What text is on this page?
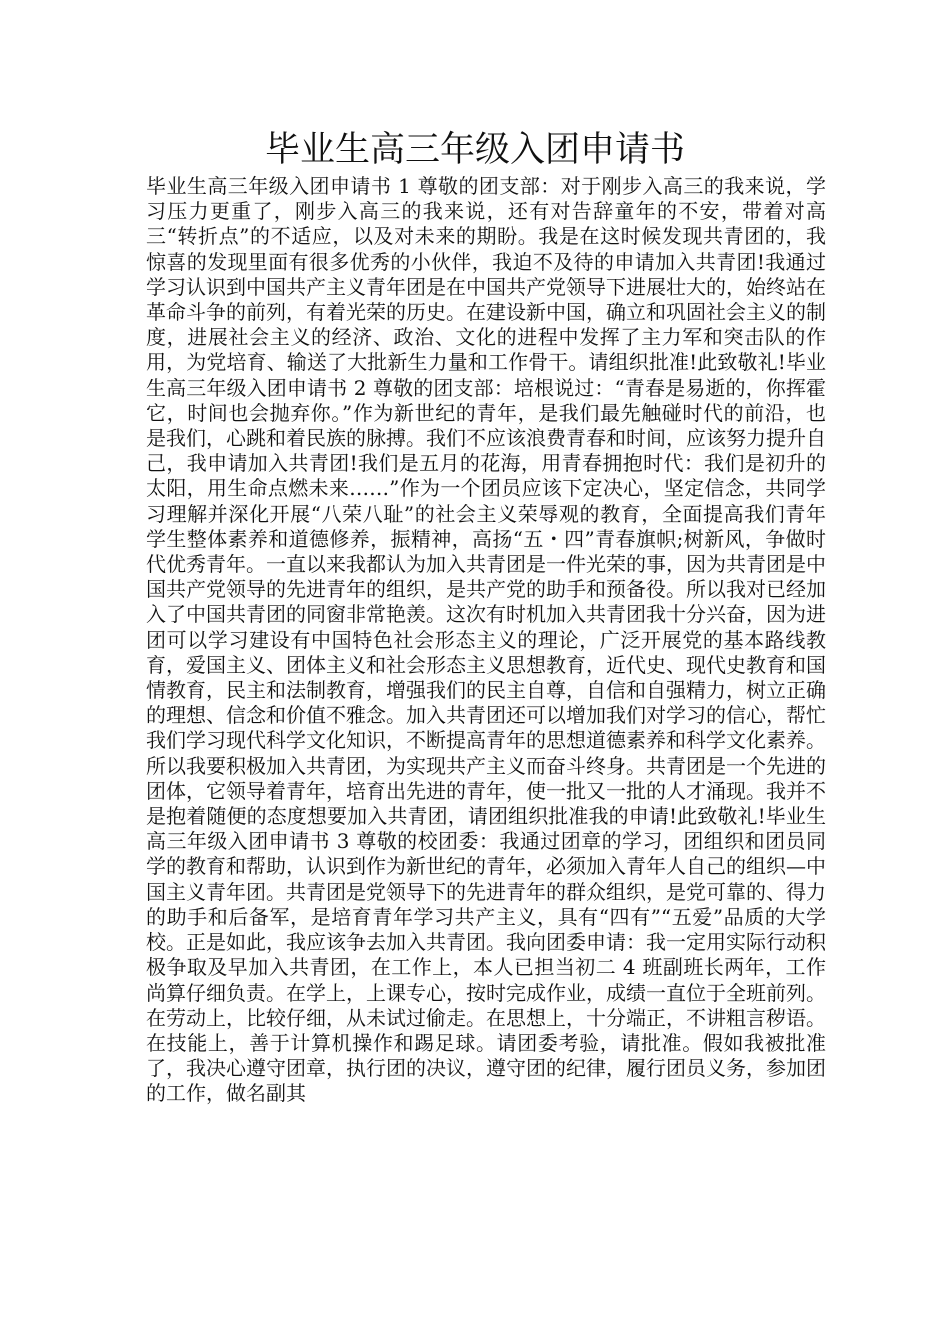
毕业生高三年级入团申请书

毕业生高三年级入团申请书 1 尊敬的团支部：对于刚步入高三的我来说，学习压力更重了，刚步入高三的我来说，还有对告辞童年的不安，带着对高三“转折点”的不适应，以及对未来的期盼。我是在这时候发现共青团的，我惊喜的发现里面有很多优秀的小伙伴，我迫不及待的申请加入共青团!我通过学习认识到中国共产主义青年团是在中国共产党领导下进展壮大的，始终站在革命斗争的前列，有着光荣的历史。在建设新中国，确立和巩固社会主义的制度，进展社会主义的经济、政治、文化的进程中发挥了主力军和突击队的作用，为党培育、输送了大批新生力量和工作骨干。请组织批准!此致敬礼!毕业生高三年级入团申请书 2 尊敬的团支部：培根说过：“青春是易逝的，你挥霍它，时间也会抛弃你。”作为新世纪的青年，是我们最先触碰时代的前沿，也是我们，心跳和着民族的脉搏。我们不应该浪费青春和时间，应该努力提升自己，我申请加入共青团!我们是五月的花海，用青春拥抱时代：我们是初升的太阳，用生命点燃未来……”作为一个团员应该下定决心，坚定信念，共同学习理解并深化开展“八荣八耻”的社会主义荣辱观的教育，全面提高我们青年学生整体素养和道德修养，振精神，高扬“五・四”青春旗帜;树新风，争做时代优秀青年。一直以来我都认为加入共青团是一件光荣的事，因为共青团是中国共产党领导的先进青年的组织，是共产党的助手和预备役。所以我对已经加入了中国共青团的同窗非常艳羡。这次有时机加入共青团我十分兴奋，因为进团可以学习建设有中国特色社会形态主义的理论，广泛开展党的基本路线教育，爱国主义、团体主义和社会形态主义思想教育，近代史、现代史教育和国情教育，民主和法制教育，增强我们的民主自尊，自信和自强精力，树立正确的理想、信念和价值不雅念。加入共青团还可以增加我们对学习的信心，帮忙我们学习现代科学文化知识，不断提高青年的思想道德素养和科学文化素养。所以我要积极加入共青团，为实现共产主义而奋斗终身。共青团是一个先进的团体，它领导着青年，培育出先进的青年，使一批又一批的人才涌现。我并不是抱着随便的态度想要加入共青团，请团组织批准我的申请!此致敬礼!毕业生高三年级入团申请书 3 尊敬的校团委：我通过团章的学习，团组织和团员同学的教育和帮助，认识到作为新世纪的青年，必须加入青年人自己的组织—中国主义青年团。共青团是党领导下的先进青年的群众组织，是党可靠的、得力的助手和后备军，是培育青年学习共产主义，具有“四有”“五爱”品质的大学校。正是如此，我应该争去加入共青团。我向团委申请：我一定用实际行动积极争取及早加入共青团，在工作上，本人已担当初二 4 班副班长两年，工作尚算仔细负责。在学上，上课专心，按时完成作业，成绩一直位于全班前列。在劳动上，比较仔细，从未试过偷走。在思想上，十分端正，不讲粗言秽语。在技能上，善于计算机操作和踢足球。请团委考验，请批准。假如我被批准了，我决心遵守团章，执行团的决议，遵守团的纪律，履行团员义务，参加团的工作，做名副其
